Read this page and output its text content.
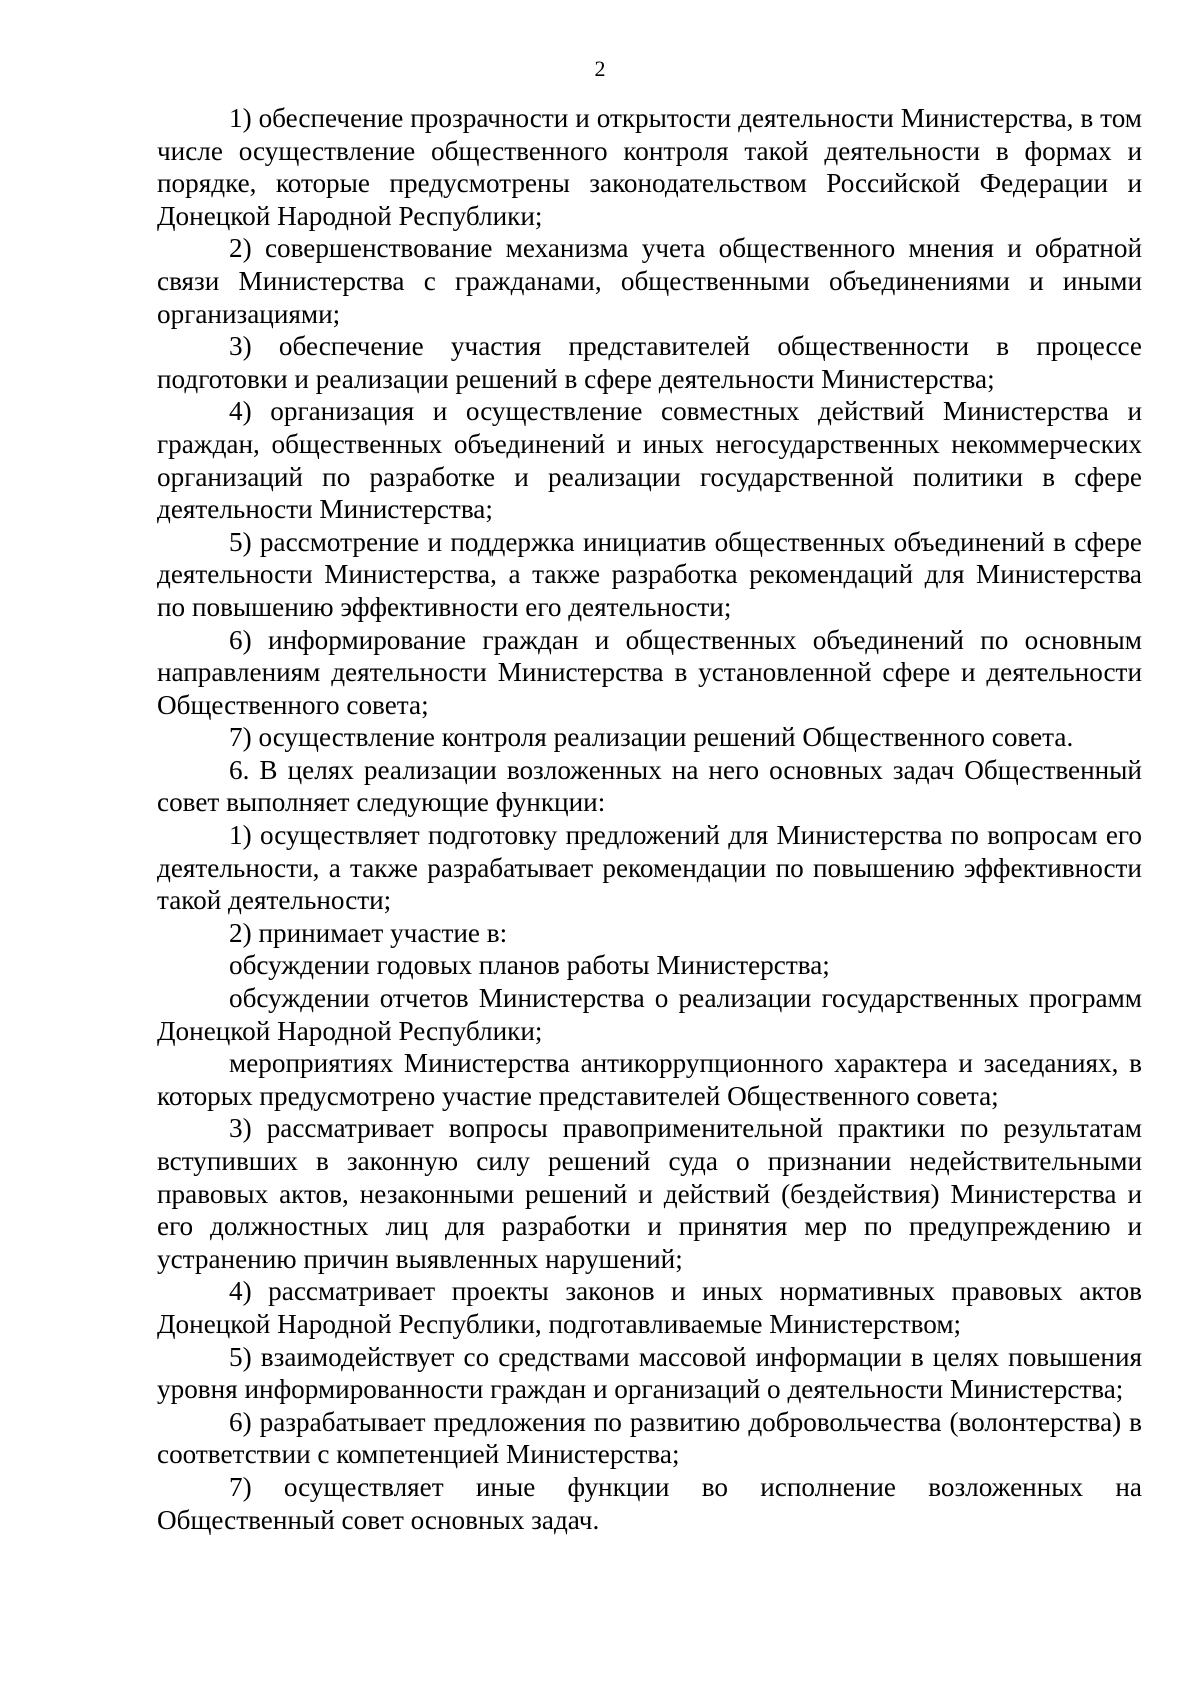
2

1) обеспечение прозрачности и открытости деятельности Министерства, в том числе осуществление общественного контроля такой деятельности в формах и порядке, которые предусмотрены законодательством Российской Федерации и Донецкой Народной Республики;

2) совершенствование механизма учета общественного мнения и обратной связи Министерства с гражданами, общественными объединениями и иными организациями;

3) обеспечение участия представителей общественности в процессе подготовки и реализации решений в сфере деятельности Министерства;

4) организация и осуществление совместных действий Министерства и граждан, общественных объединений и иных негосударственных некоммерческих организаций по разработке и реализации государственной политики в сфере деятельности Министерства;

5) рассмотрение и поддержка инициатив общественных объединений в сфере деятельности Министерства, а также разработка рекомендаций для Министерства по повышению эффективности его деятельности;

6) информирование граждан и общественных объединений по основным направлениям деятельности Министерства в установленной сфере и деятельности Общественного совета;

7) осуществление контроля реализации решений Общественного совета.

6. В целях реализации возложенных на него основных задач Общественный совет выполняет следующие функции:

1) осуществляет подготовку предложений для Министерства по вопросам его деятельности, а также разрабатывает рекомендации по повышению эффективности такой деятельности;

2) принимает участие в:

обсуждении годовых планов работы Министерства;

обсуждении отчетов Министерства о реализации государственных программ Донецкой Народной Республики;

мероприятиях Министерства антикоррупционного характера и заседаниях, в которых предусмотрено участие представителей Общественного совета;

3) рассматривает вопросы правоприменительной практики по результатам вступивших в законную силу решений суда о признании недействительными правовых актов, незаконными решений и действий (бездействия) Министерства и его должностных лиц для разработки и принятия мер по предупреждению и устранению причин выявленных нарушений;

4) рассматривает проекты законов и иных нормативных правовых актов Донецкой Народной Республики, подготавливаемые Министерством;

5) взаимодействует со средствами массовой информации в целях повышения уровня информированности граждан и организаций о деятельности Министерства;

6) разрабатывает предложения по развитию добровольчества (волонтерства) в соответствии с компетенцией Министерства;

7) осуществляет иные функции во исполнение возложенных на Общественный совет основных задач.
